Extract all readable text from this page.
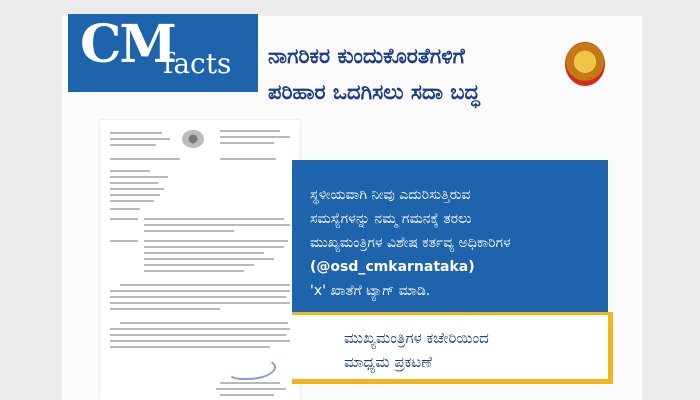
CM
facts ನಾಗರಿಕರ ಕುಂದುಕೊರತೆಗಳಿಗೆ
ಪರಿಹಾರ ಒದಗಿಸಲು ಸದಾ ಬದ್ಧ
ಸ್ಥಳೀಯವಾಗಿ ನೀವು ಎದುರಿಸುತ್ತಿರುವ
ಸಮಸ್ಯೆಗಳನ್ನು ನಮ್ಮ ಗಮನಕ್ಕೆ ತರಲು
ಮುಖ್ಯಮಂತ್ರಿಗಳ ವಿಶೇಷ ಕರ್ತವ್ಯ ಅಧಿಕಾರಿಗಳ
(@osd_cmkarnataka)
'x' ಖಾತೆಗೆ ಟ್ಯಾಗ್ ಮಾಡಿ.
ಮುಖ್ಯಮಂತ್ರಿಗಳ ಕಚೇರಿಯಿಂದ
ಮಾಧ್ಯಮ ಪ್ರಕಟಣೆ
